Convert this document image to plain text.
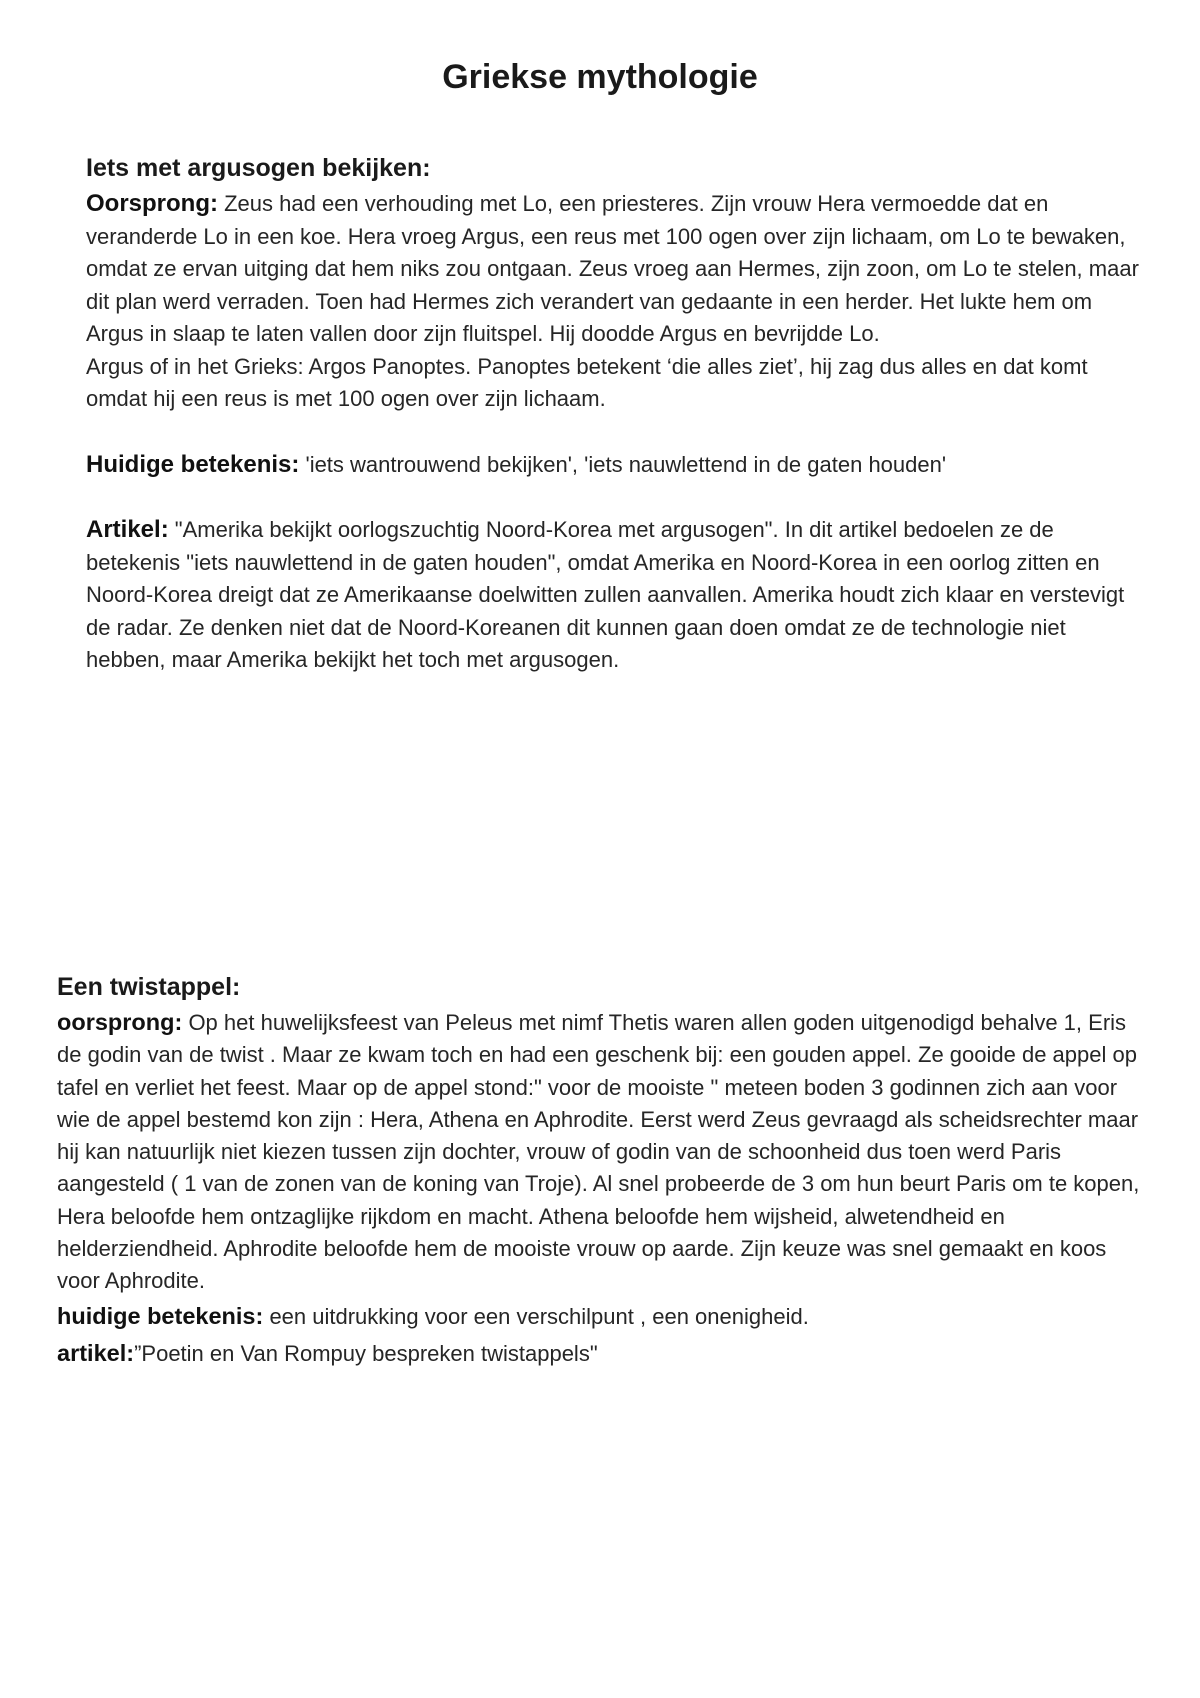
Griekse mythologie
Iets met argusogen bekijken:

Oorsprong: Zeus had een verhouding met Lo, een priesteres. Zijn vrouw Hera vermoedde dat en veranderde Lo in een koe. Hera vroeg Argus, een reus met 100 ogen over zijn lichaam, om Lo te bewaken, omdat ze ervan uitging dat hem niks zou ontgaan. Zeus vroeg aan Hermes, zijn zoon, om Lo te stelen, maar dit plan werd verraden. Toen had Hermes zich verandert van gedaante in een herder. Het lukte hem om Argus in slaap te laten vallen door zijn fluitspel. Hij doodde Argus en bevrijdde Lo.

Argus of in het Grieks: Argos Panoptes. Panoptes betekent ‘die alles ziet’, hij zag dus alles en dat komt omdat hij een reus is met 100 ogen over zijn lichaam.

Huidige betekenis: 'iets wantrouwend bekijken', 'iets nauwlettend in de gaten houden'

Artikel: "Amerika bekijkt oorlogszuchtig Noord-Korea met argusogen". In dit artikel bedoelen ze de betekenis "iets nauwlettend in de gaten houden", omdat Amerika en Noord-Korea in een oorlog zitten en Noord-Korea dreigt dat ze Amerikaanse doelwitten zullen aanvallen. Amerika houdt zich klaar en verstevigt de radar. Ze denken niet dat de Noord-Koreanen dit kunnen gaan doen omdat ze de technologie niet hebben, maar Amerika bekijkt het toch met argusogen.

Een twistappel:

oorsprong: Op het huwelijksfeest van Peleus met nimf Thetis waren allen goden uitgenodigd behalve 1, Eris de godin van de twist . Maar ze kwam toch en had een geschenk bij: een gouden appel. Ze gooide de appel op tafel en verliet het feest. Maar op de appel stond:" voor de mooiste " meteen boden 3 godinnen zich aan voor wie de appel bestemd kon zijn : Hera, Athena en Aphrodite. Eerst werd Zeus gevraagd als scheidsrechter maar hij kan natuurlijk niet kiezen tussen zijn dochter, vrouw of godin van de schoonheid dus toen werd Paris aangesteld ( 1 van de zonen van de koning van Troje). Al snel probeerde de 3 om hun beurt Paris om te kopen, Hera beloofde hem ontzaglijke rijkdom en macht. Athena beloofde hem wijsheid, alwetendheid en helderziendheid. Aphrodite beloofde hem de mooiste vrouw op aarde. Zijn keuze was snel gemaakt en koos voor Aphrodite.

huidige betekenis: een uitdrukking voor een verschilpunt , een onenigheid.

artikel:”Poetin en Van Rompuy bespreken twistappels"
